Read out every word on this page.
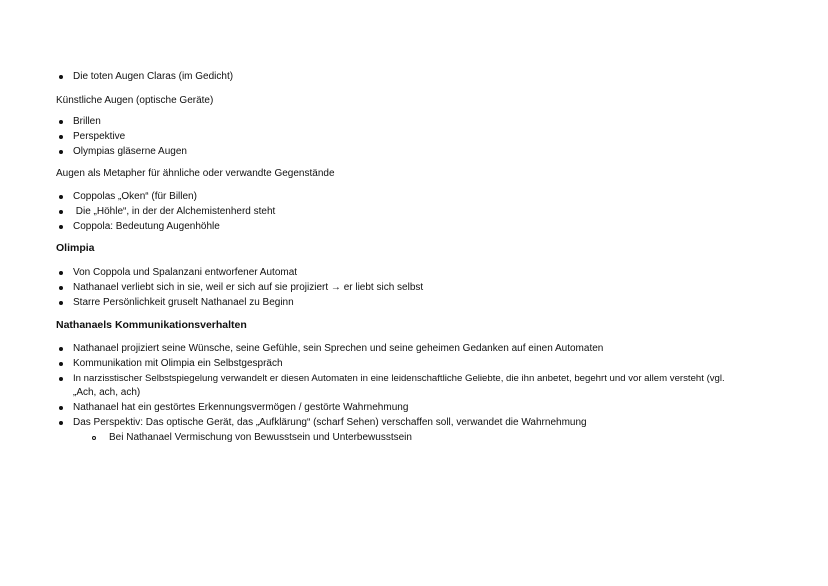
Die toten Augen Claras (im Gedicht)
Künstliche Augen (optische Geräte)
Brillen
Perspektive
Olympias gläserne Augen
Augen als Metapher für ähnliche oder verwandte Gegenstände
Coppolas „Oken“ (für Billen)
Die „Höhle“, in der der Alchemistenherd steht
Coppola: Bedeutung Augenhöhle
Olimpia
Von Coppola und Spalanzani entworfener Automat
Nathanael verliebt sich in sie, weil er sich auf sie projiziert → er liebt sich selbst
Starre Persönlichkeit gruselt Nathanael zu Beginn
Nathanaels Kommunikationsverhalten
Nathanael projiziert seine Wünsche, seine Gefühle, sein Sprechen und seine geheimen Gedanken auf einen Automaten
Kommunikation mit Olimpia ein Selbstgespräch
In narzisstischer Selbstspiegelung verwandelt er diesen Automaten in eine leidenschaftliche Geliebte, die ihn anbetet, begehrt und vor allem versteht (vgl.
„Ach, ach, ach)
Nathanael hat ein gestörtes Erkennungsvermögen / gestörte Wahrnehmung
Das Perspektiv: Das optische Gerät, das „Aufklärung“ (scharf Sehen) verschaffen soll, verwandet die Wahrnehmung
Bei Nathanael Vermischung von Bewusstsein und Unterbewusstsein
